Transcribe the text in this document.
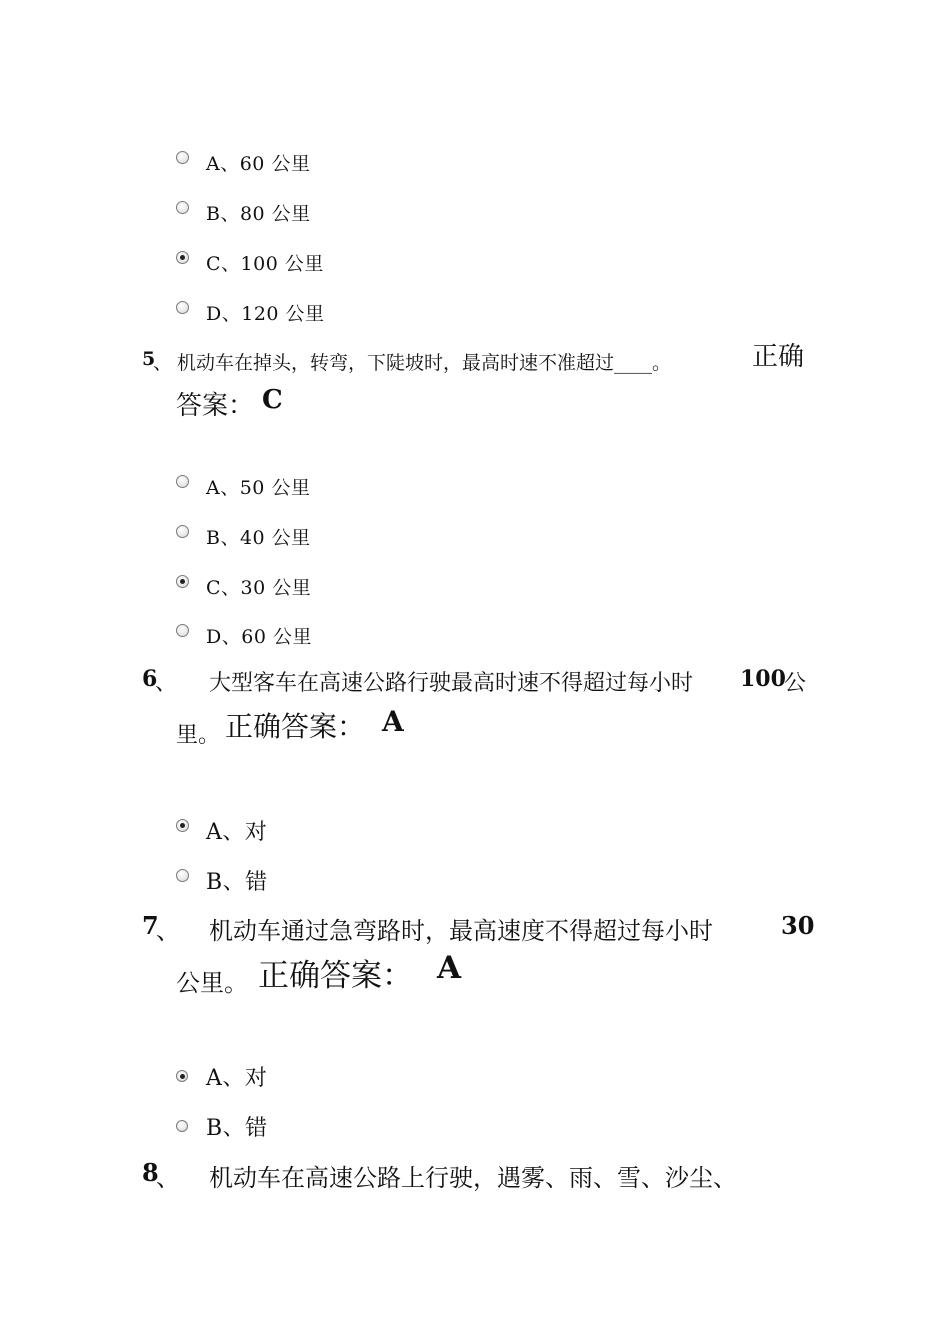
A、60 公里
B、80 公里
C、100 公里
D、120 公里
5
、 机动车在掉头，转弯，下陡坡时，最高时速不准超过____。	正确
答案： C
A、50 公里
B、40 公里
C、30 公里
D、60 公里
6
、 大型客车在高速公路行驶最高时速不得超过每小时 100
公
里。 正确答案： A
A、对
B、错
7
、 机动车通过急弯路时，最高速度不得超过每小时	30
公里。 正确答案： A
A、对
B、错
8
、 机动车在高速公路上行驶，遇雾、雨、雪、沙尘、
